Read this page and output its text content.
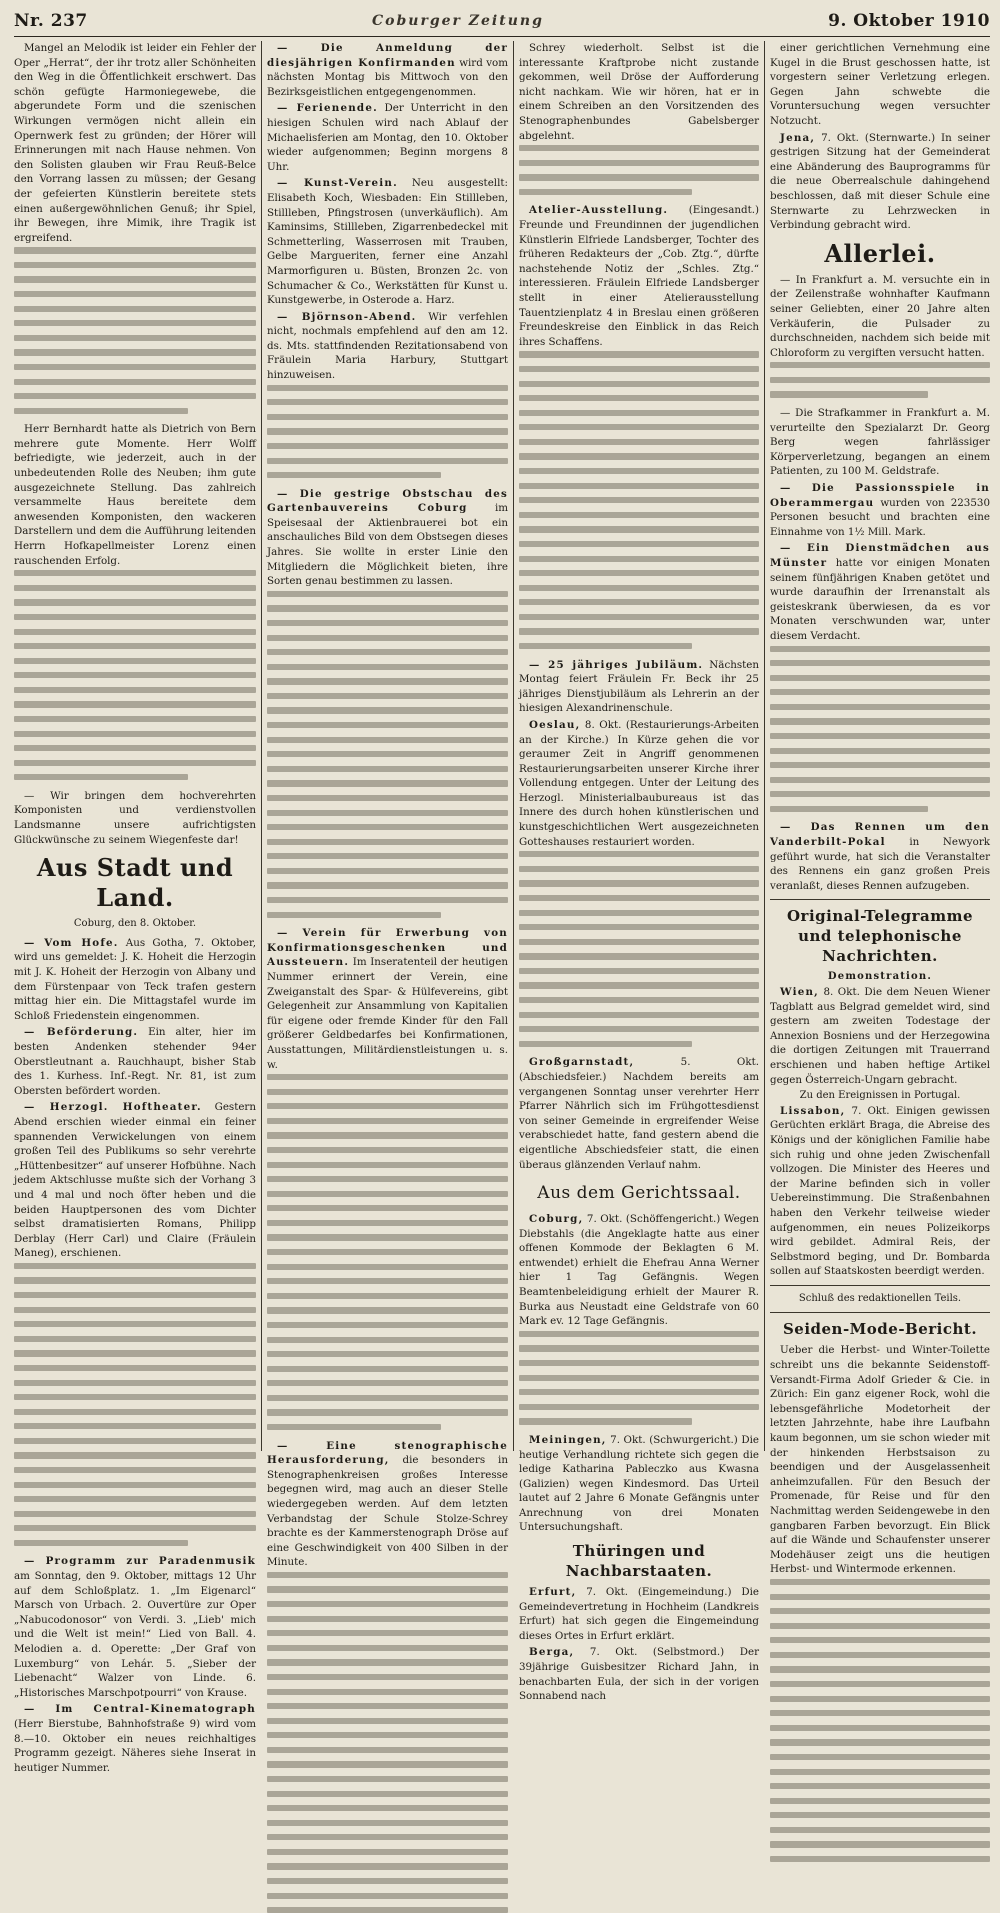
Nr. 237	Coburger Zeitung	9. Oktober 1910

Mangel an Melodik ist leider ein Fehler der Oper „Herrat“, der ihr trotz aller Schönheiten den Weg in die Öffentlichkeit erschwert. Das schön gefügte Harmoniegewebe, die abgerundete Form und die szenischen Wirkungen vermögen nicht allein ein Opernwerk fest zu gründen; der Hörer will Erinnerungen mit nach Hause nehmen. Von den Solisten glauben wir Frau Reuß-Belce den Vorrang lassen zu müssen; der Gesang der gefeierten Künstlerin bereitete stets einen außergewöhnlichen Genuß; ihr Spiel, ihr Bewegen, ihre Mimik, ihre Tragik ist ergreifend.

Herr Bernhardt hatte als Dietrich von Bern mehrere gute Momente. Herr Wolff befriedigte, wie jederzeit, auch in der unbedeutenden Rolle des Neuben; ihm gute ausgezeichnete Stellung. Das zahlreich versammelte Haus bereitete dem anwesenden Komponisten, den wackeren Darstellern und dem die Aufführung leitenden Herrn Hofkapellmeister Lorenz einen rauschenden Erfolg.

— Wir bringen dem hochverehrten Komponisten und verdienstvollen Landsmanne unsere aufrichtigsten Glückwünsche zu seinem Wiegenfeste dar!

Aus Stadt und Land.
Coburg, den 8. Oktober.

— Vom Hofe. Aus Gotha, 7. Oktober, wird uns gemeldet: J. K. Hoheit die Herzogin mit J. K. Hoheit der Herzogin von Albany und dem Fürstenpaar von Teck trafen gestern mittag hier ein. Die Mittagstafel wurde im Schloß Friedenstein eingenommen.

— Beförderung. Ein alter, hier im besten Andenken stehender 94er Oberstleutnant a. Rauchhaupt, bisher Stab des 1. Kurhess. Inf.-Regt. Nr. 81, ist zum Obersten befördert worden.

— Herzogl. Hoftheater. Gestern Abend erschien wieder einmal ein feiner spannenden Verwickelungen von einem großen Teil des Publikums so sehr verehrte „Hüttenbesitzer“ auf unserer Hofbühne. Nach jedem Aktschlusse mußte sich der Vorhang 3 und 4 mal und noch öfter heben und die beiden Hauptpersonen des vom Dichter selbst dramatisierten Romans, Philipp Derblay (Herr Carl) und Claire (Fräulein Maneg), erschienen.

— Programm zur Paradenmusik am Sonntag, den 9. Oktober, mittags 12 Uhr auf dem Schloßplatz. 1. „Im Eigenarcl“ Marsch von Urbach. 2. Ouvertüre zur Oper „Nabucodonosor“ von Verdi. 3. „Lieb' mich und die Welt ist mein!“ Lied von Ball. 4. Melodien a. d. Operette: „Der Graf von Luxemburg“ von Lehár. 5. „Sieber der Liebenacht“ Walzer von Linde. 6. „Historisches Marschpotpourri“ von Krause.

— Im Central-Kinematograph (Herr Bierstube, Bahnhofstraße 9) wird vom 8.—10. Oktober ein neues reichhaltiges Programm gezeigt. Näheres siehe Inserat in heutiger Nummer.

— Die Anmeldung der diesjährigen Konfirmanden wird vom nächsten Montag bis Mittwoch von den Bezirksgeistlichen entgegengenommen.

— Ferienende. Der Unterricht in den hiesigen Schulen wird nach Ablauf der Michaelisferien am Montag, den 10. Oktober wieder aufgenommen; Beginn morgens 8 Uhr.

— Kunst-Verein. Neu ausgestellt: Elisabeth Koch, Wiesbaden: Ein Stillleben, Stillleben, Pfingstrosen (unverkäuflich). Am Kaminsims, Stillleben, Zigarrenbedeckel mit Schmetterling, Wasserrosen mit Trauben, Gelbe Margueriten, ferner eine Anzahl Marmorfiguren u. Büsten, Bronzen 2c. von Schumacher & Co., Werkstätten für Kunst u. Kunstgewerbe, in Osterode a. Harz.

— Björnson-Abend. Wir verfehlen nicht, nochmals empfehlend auf den am 12. ds. Mts. stattfindenden Rezitationsabend von Fräulein Maria Harbury, Stuttgart hinzuweisen.

— Die gestrige Obstschau des Gartenbauvereins Coburg	im Speisesaal der Aktienbrauerei bot ein anschauliches Bild von dem Obstsegen dieses Jahres. Sie wollte in erster Linie den Mitgliedern die Möglichkeit bieten, ihre Sorten genau bestimmen zu lassen.

— Verein für Erwerbung von Konfirmationsgeschenken und Aussteuern. Im Inseratenteil der heutigen Nummer erinnert der Verein, eine Zweiganstalt des Spar- & Hülfevereins, gibt Gelegenheit zur Ansammlung von Kapitalien für eigene oder fremde Kinder für den Fall größerer Geldbedarfes bei Konfirmationen, Ausstattungen, Militärdienstleistungen u. s. w.

— Eine stenographische Herausforderung, die besonders in Stenographenkreisen großes Interesse begegnen wird, mag auch an dieser Stelle wiedergegeben werden. Auf dem letzten Verbandstag der Schule Stolze-Schrey brachte es der Kammerstenograph Dröse auf eine Geschwindigkeit von 400 Silben in der Minute.

Schrey wiederholt. Selbst ist die interessante Kraftprobe nicht zustande gekommen, weil Dröse der Aufforderung nicht nachkam. Wie wir hören, hat er in einem Schreiben an den Vorsitzenden des Stenographenbundes Gabelsberger abgelehnt.

Atelier-Ausstellung. (Eingesandt.) Freunde und Freundinnen der jugendlichen Künstlerin Elfriede Landsberger, Tochter des früheren Redakteurs der „Cob. Ztg.“, dürfte nachstehende Notiz der „Schles. Ztg.“ interessieren. Fräulein Elfriede Landsberger stellt in einer Atelierausstellung Tauentzienplatz 4 in Breslau einen größeren Freundeskreise den Einblick in das Reich ihres Schaffens.

— 25 jähriges Jubiläum. Nächsten Montag feiert Fräulein Fr. Beck ihr 25 jähriges Dienstjubiläum als Lehrerin an der hiesigen Alexandrinenschule.

Oeslau, 8. Okt. (Restaurierungs-Arbeiten an der Kirche.) In Kürze gehen die vor geraumer Zeit in Angriff genommenen Restaurierungsarbeiten unserer Kirche ihrer Vollendung entgegen. Unter der Leitung des Herzogl. Ministerialbaubureaus ist das Innere des durch hohen künstlerischen und kunstgeschichtlichen Wert ausgezeichneten Gotteshauses restauriert worden.

Großgarnstadt,	5. Okt. (Abschiedsfeier.) Nachdem bereits am vergangenen Sonntag unser verehrter Herr Pfarrer Nährlich sich im Frühgottesdienst von seiner Gemeinde in ergreifender Weise verabschiedet hatte, fand gestern abend die eigentliche Abschiedsfeier statt, die einen überaus glänzenden Verlauf nahm.

Aus dem Gerichtssaal.

Coburg, 7. Okt. (Schöffengericht.) Wegen Diebstahls (die Angeklagte hatte aus einer offenen Kommode der Beklagten 6 M. entwendet) erhielt die Ehefrau Anna Werner hier 1 Tag Gefängnis. Wegen Beamtenbeleidigung erhielt der Maurer R. Burka aus Neustadt eine Geldstrafe von 60 Mark ev. 12 Tage Gefängnis.

Meiningen, 7. Okt. (Schwurgericht.) Die heutige Verhandlung richtete sich gegen die ledige Katharina Pableczko aus Kwasna (Galizien) wegen Kindesmord. Das Urteil lautet auf 2 Jahre 6 Monate Gefängnis unter Anrechnung von drei Monaten Untersuchungshaft.

Thüringen und Nachbarstaaten.

Erfurt, 7. Okt. (Eingemeindung.) Die Gemeindevertretung in Hochheim (Landkreis Erfurt) hat sich gegen die Eingemeindung dieses Ortes in Erfurt erklärt.

Berga, 7. Okt. (Selbstmord.) Der 39jährige Guisbesitzer Richard Jahn, in benachbarten Eula, der sich in der vorigen Sonnabend nach

einer gerichtlichen Vernehmung eine Kugel in die Brust geschossen hatte, ist vorgestern seiner Verletzung erlegen. Gegen Jahn schwebte die Voruntersuchung wegen versuchter Notzucht.

Jena, 7. Okt. (Sternwarte.) In seiner gestrigen Sitzung hat der Gemeinderat eine Abänderung des Bauprogramms für die neue Oberrealschule dahingehend beschlossen, daß mit dieser Schule eine Sternwarte zu Lehrzwecken in Verbindung gebracht wird.

Allerlei.

— In Frankfurt a. M. versuchte ein in der Zeilenstraße wohnhafter Kaufmann seiner Geliebten, einer 20 Jahre alten Verkäuferin, die Pulsader zu durchschneiden, nachdem sich beide mit Chloroform zu vergiften versucht hatten.

— Die Strafkammer in Frankfurt a. M. verurteilte den Spezialarzt Dr. Georg Berg wegen fahrlässiger Körperverletzung, begangen an einem Patienten, zu 100 M. Geldstrafe.

— Die Passionsspiele in Oberammergau wurden von 223530 Personen besucht und brachten eine Einnahme von 1½ Mill. Mark.

— Ein Dienstmädchen aus Münster hatte vor einigen Monaten seinem fünfjährigen Knaben getötet und wurde daraufhin der Irrenanstalt als geisteskrank überwiesen, da es vor Monaten verschwunden war, unter diesem Verdacht.

— Das Rennen um den Vanderbilt-Pokal in Newyork geführt wurde, hat sich die Veranstalter des Rennens ein ganz großen Preis veranlaßt, dieses Rennen aufzugeben.

Original-Telegramme und telephonische Nachrichten.
Demonstration.

Wien, 8. Okt. Die dem Neuen Wiener Tagblatt aus Belgrad gemeldet wird, sind gestern am zweiten Todestage der Annexion Bosniens und der Herzegowina die dortigen Zeitungen mit Trauerrand erschienen und haben heftige Artikel gegen Österreich-Ungarn gebracht.

Zu den Ereignissen in Portugal.

Lissabon, 7. Okt. Einigen gewissen Gerüchten erklärt Braga, die Abreise des Königs und der königlichen Familie habe sich ruhig und ohne jeden Zwischenfall vollzogen. Die Minister des Heeres und der Marine befinden sich in voller Uebereinstimmung. Die Straßenbahnen haben den Verkehr teilweise wieder aufgenommen, ein neues Polizeikorps wird gebildet. Admiral Reis, der Selbstmord beging, und Dr. Bombarda sollen auf Staatskosten beerdigt werden.

Schluß des redaktionellen Teils.
Seiden-Mode-Bericht.

Ueber die Herbst- und Winter-Toilette schreibt uns die bekannte Seidenstoff-Versandt-Firma Adolf Grieder & Cie. in Zürich: Ein ganz eigener Rock, wohl die lebensgefährliche Modetorheit der letzten Jahrzehnte, habe ihre Laufbahn kaum begonnen, um sie schon wieder mit der hinkenden Herbstsaison zu beendigen und der Ausgelassenheit anheimzufallen. Für den Besuch der Promenade, für Reise und für den Nachmittag werden Seidengewebe in den gangbaren Farben bevorzugt. Ein Blick auf die Wände und Schaufenster unserer Modehäuser zeigt uns die heutigen Herbst- und Wintermode erkennen.
